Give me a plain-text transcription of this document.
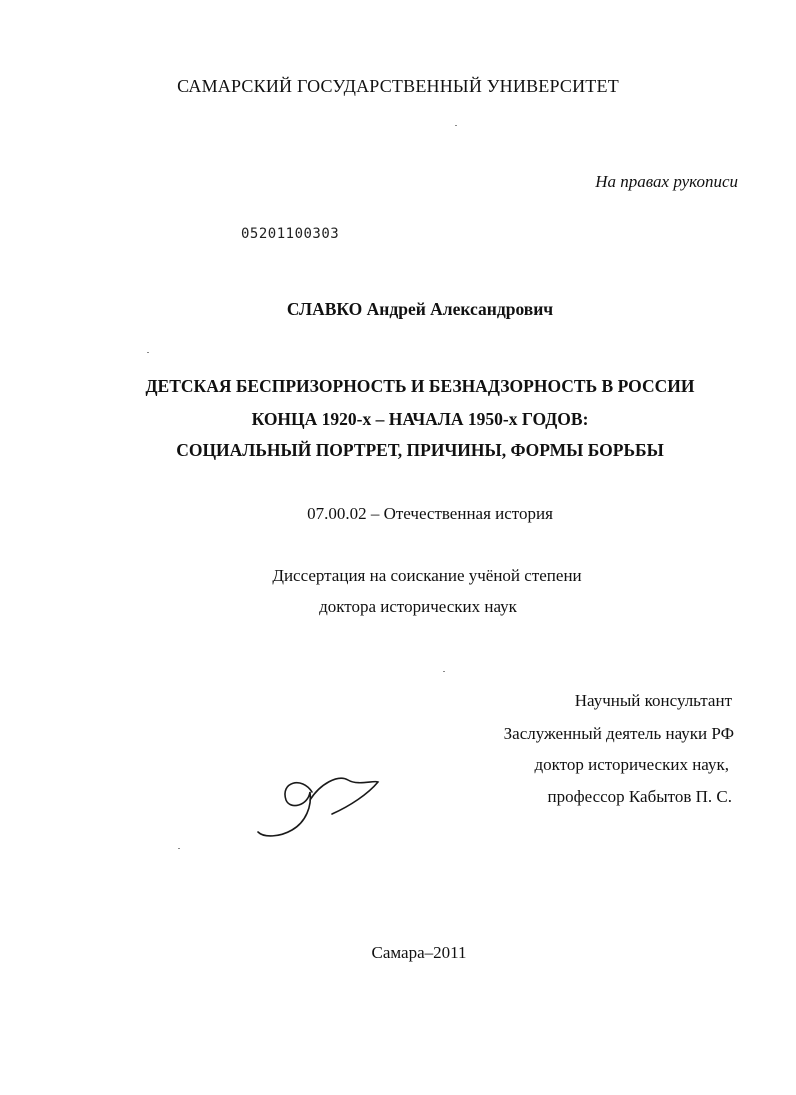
САМАРСКИЙ ГОСУДАРСТВЕННЫЙ УНИВЕРСИТЕТ
На правах рукописи
05201100303
СЛАВКО Андрей Александрович
ДЕТСКАЯ БЕСПРИЗОРНОСТЬ И БЕЗНАДЗОРНОСТЬ В РОССИИ
КОНЦА 1920-х – НАЧАЛА 1950-х ГОДОВ:
СОЦИАЛЬНЫЙ ПОРТРЕТ, ПРИЧИНЫ, ФОРМЫ БОРЬБЫ
07.00.02 – Отечественная история
Диссертация на соискание учёной степени
доктора исторических наук
Научный консультант
Заслуженный деятель науки РФ
доктор исторических наук,
профессор Кабытов П. С.
Самара–2011
